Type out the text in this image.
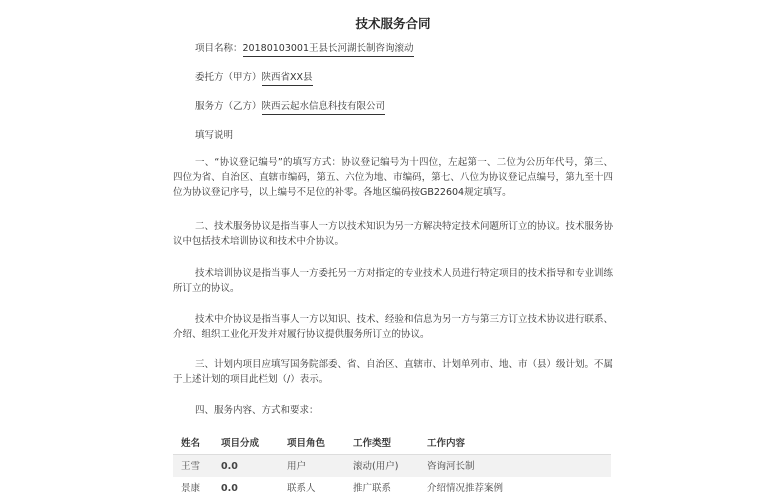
技术服务合同
项目名称：20180103001王县长河湖长制咨询滚动
委托方（甲方）陕西省XX县
服务方（乙方）陕西云起水信息科技有限公司
填写说明

一、“协议登记编号”的填写方式：协议登记编号为十四位，左起第一、二位为公历年代号，第三、四位为省、自治区、直辖市编码，第五、六位为地、市编码，第七、八位为协议登记点编号，第九至十四位为协议登记序号，以上编号不足位的补零。各地区编码按GB22604规定填写。

二、技术服务协议是指当事人一方以技术知识为另一方解决特定技术问题所订立的协议。技术服务协议中包括技术培训协议和技术中介协议。

技术培训协议是指当事人一方委托另一方对指定的专业技术人员进行特定项目的技术指导和专业训练所订立的协议。

技术中介协议是指当事人一方以知识、技术、经验和信息为另一方与第三方订立技术协议进行联系、介绍、组织工业化开发并对履行协议提供服务所订立的协议。

三、计划内项目应填写国务院部委、省、自治区、直辖市、计划单列市、地、市（县）级计划。不属于上述计划的项目此栏划（/）表示。

四、服务内容、方式和要求：

姓名	项目分成	项目角色	工作类型	工作内容
王雪	0.0	用户	滚动(用户)	咨询河长制
景康	0.0	联系人	推广联系	介绍情况推荐案例
